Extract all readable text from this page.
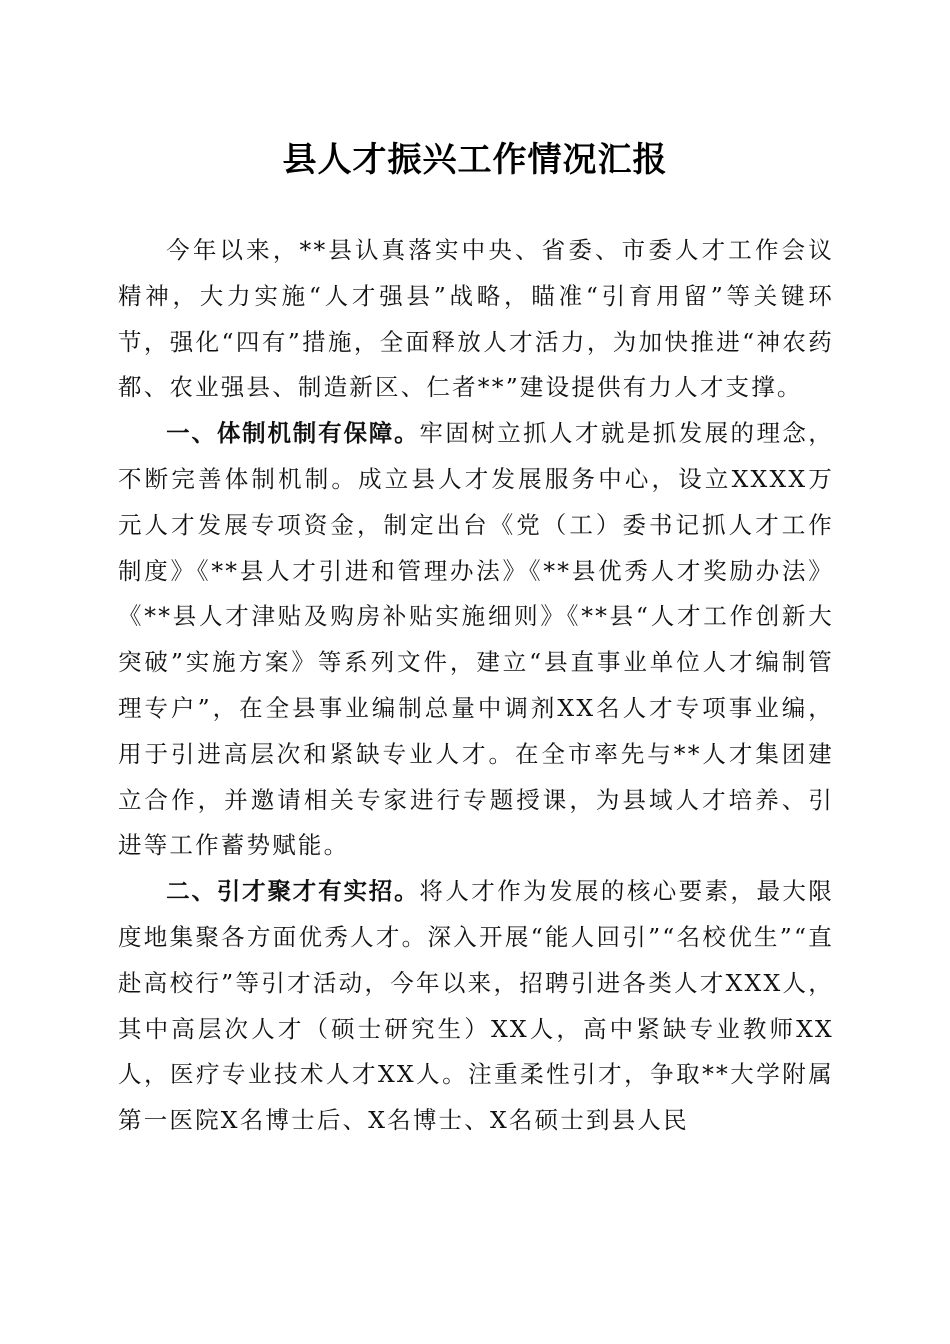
县人才振兴工作情况汇报

今年以来，**县认真落实中央、省委、市委人才工作会议精神，大力实施“人才强县”战略，瞄准“引育用留”等关键环节，强化“四有”措施，全面释放人才活力，为加快推进“神农药都、农业强县、制造新区、仁者**”建设提供有力人才支撑。

一、体制机制有保障。牢固树立抓人才就是抓发展的理念，不断完善体制机制。成立县人才发展服务中心，设立XXXX万元人才发展专项资金，制定出台《党（工）委书记抓人才工作制度》《**县人才引进和管理办法》《**县优秀人才奖励办法》《**县人才津贴及购房补贴实施细则》《**县“人才工作创新大突破”实施方案》等系列文件，建立“县直事业单位人才编制管理专户”，在全县事业编制总量中调剂XX名人才专项事业编，用于引进高层次和紧缺专业人才。在全市率先与**人才集团建立合作，并邀请相关专家进行专题授课，为县域人才培养、引进等工作蓄势赋能。

二、引才聚才有实招。将人才作为发展的核心要素，最大限度地集聚各方面优秀人才。深入开展“能人回引”“名校优生”“直赴高校行”等引才活动，今年以来，招聘引进各类人才XXX人，其中高层次人才（硕士研究生）XX人，高中紧缺专业教师XX人，医疗专业技术人才XX人。注重柔性引才，争取**大学附属第一医院X名博士后、X名博士、X名硕士到县人民
